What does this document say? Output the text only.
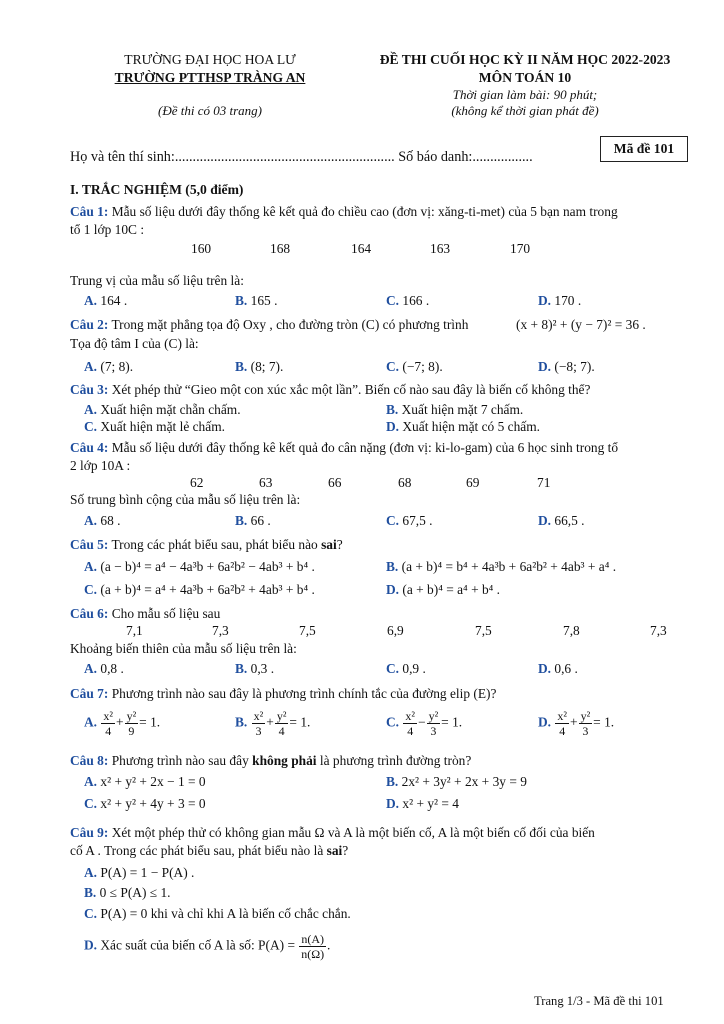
TRƯỜNG ĐẠI HỌC HOA LƯ
TRƯỜNG PTTHSP TRÀNG AN
(Đề thi có 03 trang)
ĐỀ THI CUỐI HỌC KỲ II NĂM HỌC 2022-2023
MÔN TOÁN 10
Thời gian làm bài: 90 phút;
(không kể thời gian phát đề)
Mã đề 101
Họ và tên thí sinh:.............................................................. Số báo danh:.................
I. TRẮC NGHIỆM (5,0 điểm)
Câu 1: Mẫu số liệu dưới đây thống kê kết quả đo chiều cao (đơn vị: xăng-ti-met) của 5 bạn nam trong
tổ 1 lớp 10C :
160	168	164	163	170
Trung vị của mẫu số liệu trên là:
A. 164 .	B. 165 .	C. 166 .	D. 170 .
Câu 2: Trong mặt phẳng tọa độ Oxy , cho đường tròn (C) có phương trình	(x + 8)² + (y − 7)² = 36 .
Tọa độ tâm I của (C) là:
A. (7; 8).	B. (8; 7).	C. (−7; 8).	D. (−8; 7).
Câu 3: Xét phép thử “Gieo một con xúc xắc một lần”. Biến cố nào sau đây là biến cố không thể?
A. Xuất hiện mặt chẵn chấm.	B. Xuất hiện mặt 7 chấm.
C. Xuất hiện mặt lẻ chấm.	D. Xuất hiện mặt có 5 chấm.
Câu 4: Mẫu số liệu dưới đây thống kê kết quả đo cân nặng (đơn vị: ki-lo-gam) của 6 học sinh trong tổ
2 lớp 10A :
62	63	66	68	69	71
Số trung bình cộng của mẫu số liệu trên là:
A. 68 .	B. 66 .	C. 67,5 .	D. 66,5 .
Câu 5: Trong các phát biểu sau, phát biểu nào sai?
A. (a − b)⁴ = a⁴ − 4a³b + 6a²b² − 4ab³ + b⁴ .	B. (a + b)⁴ = b⁴ + 4a³b + 6a²b² + 4ab³ + a⁴ .
C. (a + b)⁴ = a⁴ + 4a³b + 6a²b² + 4ab³ + b⁴ .	D. (a + b)⁴ = a⁴ + b⁴ .
Câu 6: Cho mẫu số liệu sau
7,1	7,3	7,5	6,9	7,5	7,8	7,3
Khoảng biến thiên của mẫu số liệu trên là:
A. 0,8 .	B. 0,3 .	C. 0,9 .	D. 0,6 .
Câu 7: Phương trình nào sau đây là phương trình chính tắc của đường elip (E)?
A. $\frac{\text{x²}}{4} + \frac{\text{y²}}{9} = 1$.	B. $\frac{\text{x²}}{3} + \frac{\text{y²}}{4} = 1$.	C. $\frac{\text{x²}}{4} - \frac{\text{y²}}{3} = 1$.	D. $\frac{\text{x²}}{4} + \frac{\text{y²}}{3} = 1$.
Câu 8: Phương trình nào sau đây không phải là phương trình đường tròn?
A. x² + y² + 2x − 1 = 0	B. 2x² + 3y² + 2x + 3y = 9
C. x² + y² + 4y + 3 = 0	D. x² + y² = 4
Câu 9: Xét một phép thử có không gian mẫu Ω và A là một biến cố, A là một biến cố đối của biến
cố A . Trong các phát biểu sau, phát biểu nào là sai?
A. P(A) = 1 − P(A) .
B. 0 ≤ P(A) ≤ 1.
C. P(A) = 0 khi và chỉ khi A là biến cố chắc chắn.
D. Xác suất của biến cố A là số: $P(A) = \frac{n(A)}{n(\Omega)}$ .
Trang 1/3 - Mã đề thi 101
